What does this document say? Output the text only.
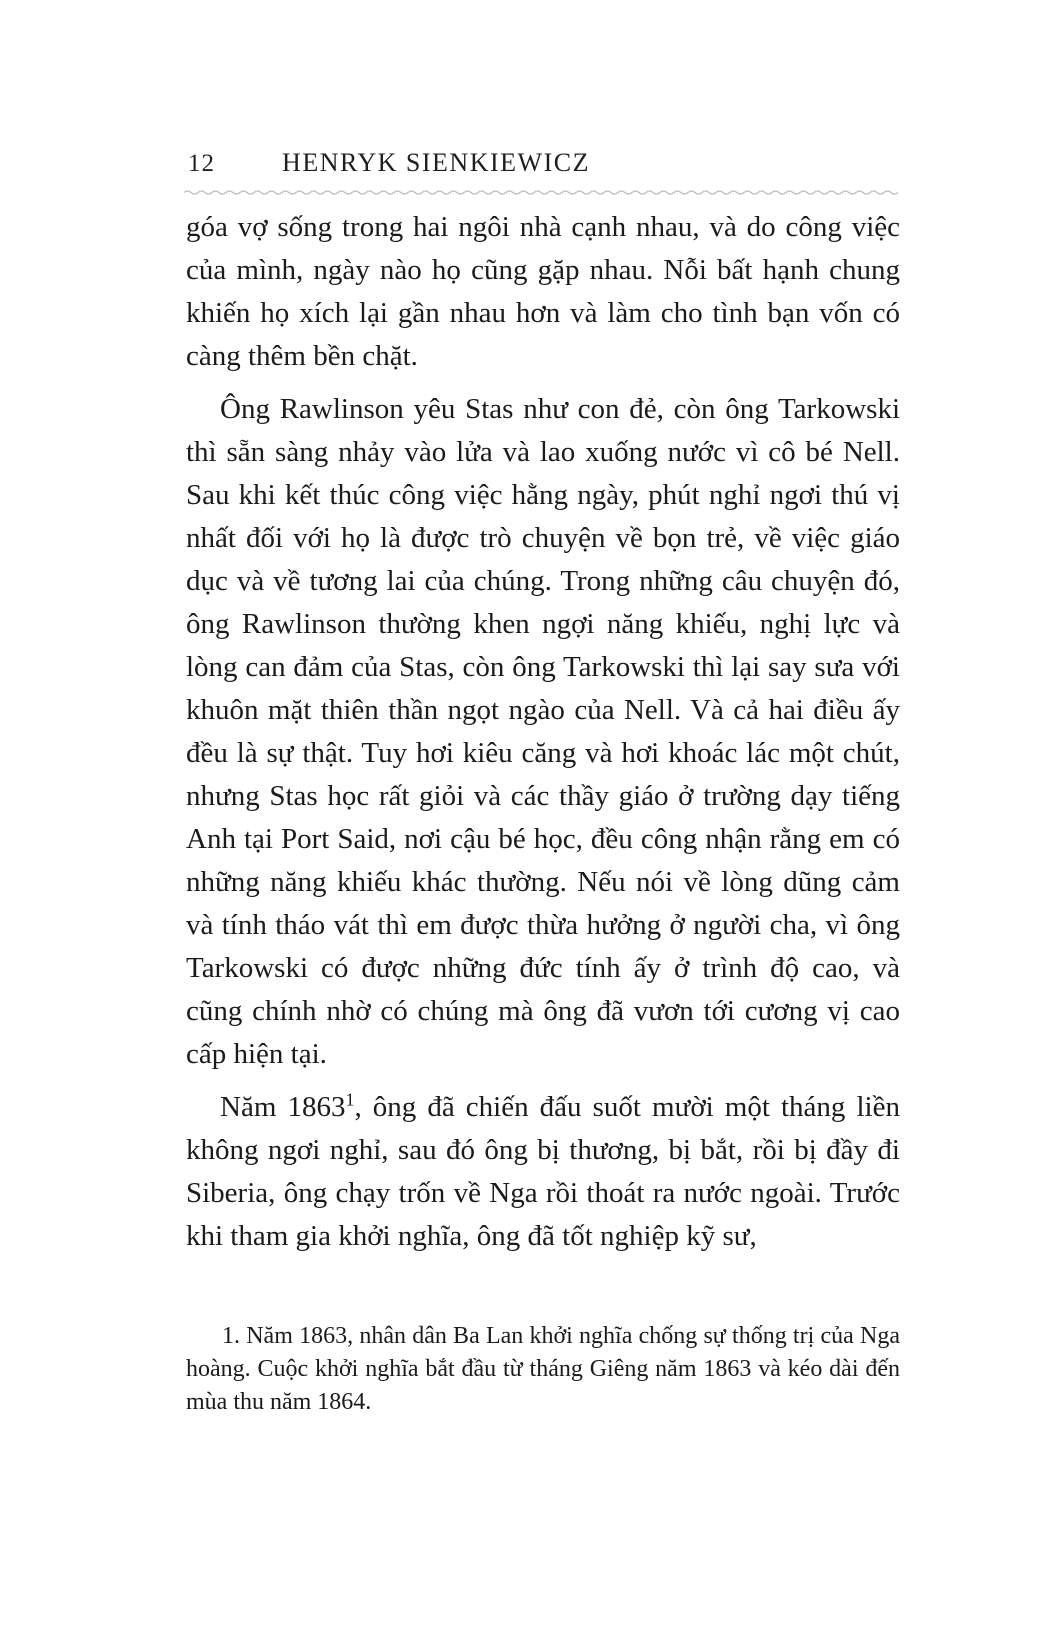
12	HENRYK SIENKIEWICZ

góa vợ sống trong hai ngôi nhà cạnh nhau, và do công việc của mình, ngày nào họ cũng gặp nhau. Nỗi bất hạnh chung khiến họ xích lại gần nhau hơn và làm cho tình bạn vốn có càng thêm bền chặt.

Ông Rawlinson yêu Stas như con đẻ, còn ông Tarkowski thì sẵn sàng nhảy vào lửa và lao xuống nước vì cô bé Nell. Sau khi kết thúc công việc hằng ngày, phút nghỉ ngơi thú vị nhất đối với họ là được trò chuyện về bọn trẻ, về việc giáo dục và về tương lai của chúng. Trong những câu chuyện đó, ông Rawlinson thường khen ngợi năng khiếu, nghị lực và lòng can đảm của Stas, còn ông Tarkowski thì lại say sưa với khuôn mặt thiên thần ngọt ngào của Nell. Và cả hai điều ấy đều là sự thật. Tuy hơi kiêu căng và hơi khoác lác một chút, nhưng Stas học rất giỏi và các thầy giáo ở trường dạy tiếng Anh tại Port Said, nơi cậu bé học, đều công nhận rằng em có những năng khiếu khác thường. Nếu nói về lòng dũng cảm và tính tháo vát thì em được thừa hưởng ở người cha, vì ông Tarkowski có được những đức tính ấy ở trình độ cao, và cũng chính nhờ có chúng mà ông đã vươn tới cương vị cao cấp hiện tại.

Năm 1863$^1$, ông đã chiến đấu suốt mười một tháng liền không ngơi nghỉ, sau đó ông bị thương, bị bắt, rồi bị đầy đi Siberia, ông chạy trốn về Nga rồi thoát ra nước ngoài. Trước khi tham gia khởi nghĩa, ông đã tốt nghiệp kỹ sư,

1. Năm 1863, nhân dân Ba Lan khởi nghĩa chống sự thống trị của Nga hoàng. Cuộc khởi nghĩa bắt đầu từ tháng Giêng năm 1863 và kéo dài đến mùa thu năm 1864.
